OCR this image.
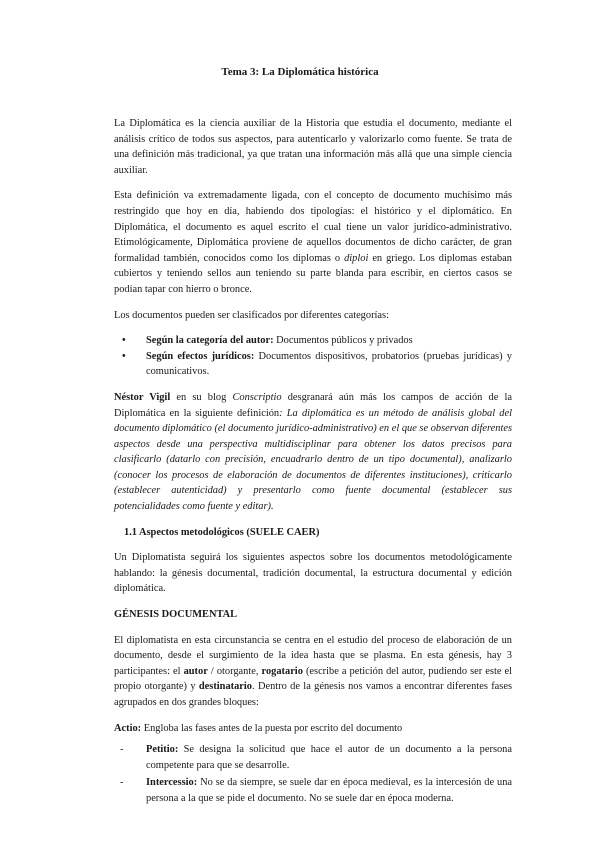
Tema 3: La Diplomática histórica

La Diplomática es la ciencia auxiliar de la Historia que estudia el documento, mediante el análisis crítico de todos sus aspectos, para autenticarlo y valorizarlo como fuente. Se trata de una definición más tradicional, ya que tratan una información más allá que una simple ciencia auxiliar.

Esta definición va extremadamente ligada, con el concepto de documento muchísimo más restringido que hoy en día, habiendo dos tipologías: el histórico y el diplomático. En Diplomática, el documento es aquel escrito el cual tiene un valor jurídico-administrativo. Etimológicamente, Diplomática proviene de aquellos documentos de dicho carácter, de gran formalidad también, conocidos como los diplomas o diploi en griego. Los diplomas estaban cubiertos y teniendo sellos aun teniendo su parte blanda para escribir, en ciertos casos se podían tapar con hierro o bronce.

Los documentos pueden ser clasificados por diferentes categorías:

• Según la categoría del autor: Documentos públicos y privados
• Según efectos jurídicos: Documentos dispositivos, probatorios (pruebas jurídicas) y comunicativos.

Néstor Vigil en su blog Conscriptio desgranará aún más los campos de acción de la Diplomática en la siguiente definición: La diplomática es un método de análisis global del documento diplomático (el documento jurídico-administrativo) en el que se observan diferentes aspectos desde una perspectiva multidisciplinar para obtener los datos precisos para clasificarlo (datarlo con precisión, encuadrarlo dentro de un tipo documental), analizarlo (conocer los procesos de elaboración de documentos de diferentes instituciones), criticarlo (establecer autenticidad) y presentarlo como fuente documental (establecer sus potencialidades como fuente y editar).

1.1 Aspectos metodológicos (SUELE CAER)

Un Diplomatista seguirá los siguientes aspectos sobre los documentos metodológicamente hablando: la génesis documental, tradición documental, la estructura documental y edición diplomática.

GÉNESIS DOCUMENTAL

El diplomatista en esta circunstancia se centra en el estudio del proceso de elaboración de un documento, desde el surgimiento de la idea hasta que se plasma. En esta génesis, hay 3 participantes: el autor / otorgante, rogatario (escribe a petición del autor, pudiendo ser este el propio otorgante) y destinatario. Dentro de la génesis nos vamos a encontrar diferentes fases agrupados en dos grandes bloques:

Actio: Engloba las fases antes de la puesta por escrito del documento

- Petitio: Se designa la solicitud que hace el autor de un documento a la persona competente para que se desarrolle.
- Intercessio: No se da siempre, se suele dar en época medieval, es la intercesión de una persona a la que se pide el documento. No se suele dar en época moderna.
